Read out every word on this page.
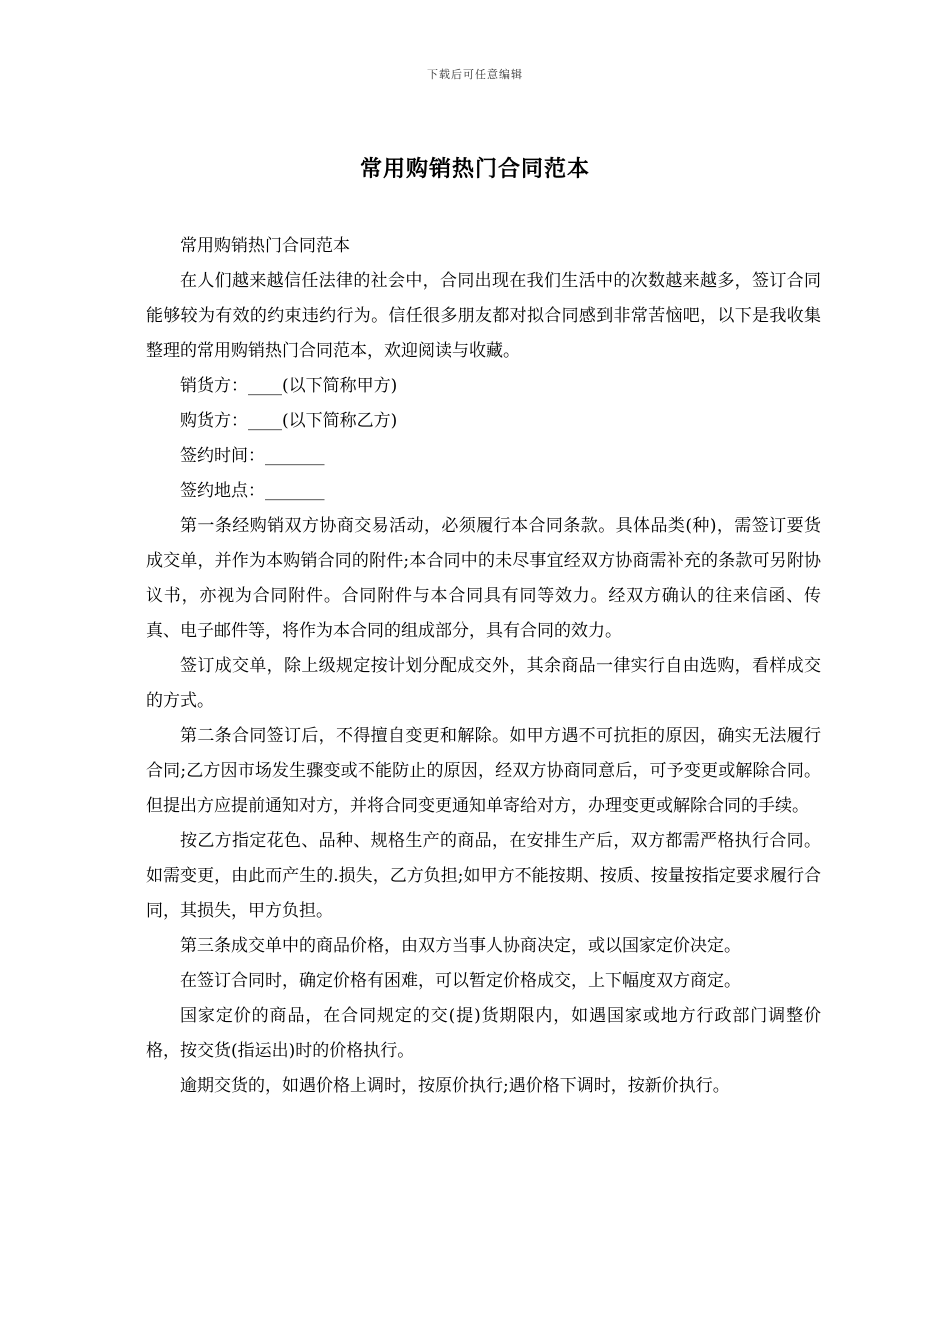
下载后可任意编辑
常用购销热门合同范本

常用购销热门合同范本

在人们越来越信任法律的社会中，合同出现在我们生活中的次数越来越多，签订合同能够较为有效的约束违约行为。信任很多朋友都对拟合同感到非常苦恼吧，以下是我收集整理的常用购销热门合同范本，欢迎阅读与收藏。

销货方：____(以下简称甲方)

购货方：____(以下简称乙方)

签约时间：_______

签约地点：_______

第一条经购销双方协商交易活动，必须履行本合同条款。具体品类(种)，需签订要货成交单，并作为本购销合同的附件;本合同中的未尽事宜经双方协商需补充的条款可另附协议书，亦视为合同附件。合同附件与本合同具有同等效力。经双方确认的往来信函、传真、电子邮件等，将作为本合同的组成部分，具有合同的效力。

签订成交单，除上级规定按计划分配成交外，其余商品一律实行自由选购，看样成交的方式。

第二条合同签订后，不得擅自变更和解除。如甲方遇不可抗拒的原因，确实无法履行合同;乙方因市场发生骤变或不能防止的原因，经双方协商同意后，可予变更或解除合同。但提出方应提前通知对方，并将合同变更通知单寄给对方，办理变更或解除合同的手续。

按乙方指定花色、品种、规格生产的商品，在安排生产后，双方都需严格执行合同。如需变更，由此而产生的.损失，乙方负担;如甲方不能按期、按质、按量按指定要求履行合同，其损失，甲方负担。

第三条成交单中的商品价格，由双方当事人协商决定，或以国家定价决定。

在签订合同时，确定价格有困难，可以暂定价格成交，上下幅度双方商定。

国家定价的商品，在合同规定的交(提)货期限内，如遇国家或地方行政部门调整价格，按交货(指运出)时的价格执行。

逾期交货的，如遇价格上调时，按原价执行;遇价格下调时，按新价执行。
